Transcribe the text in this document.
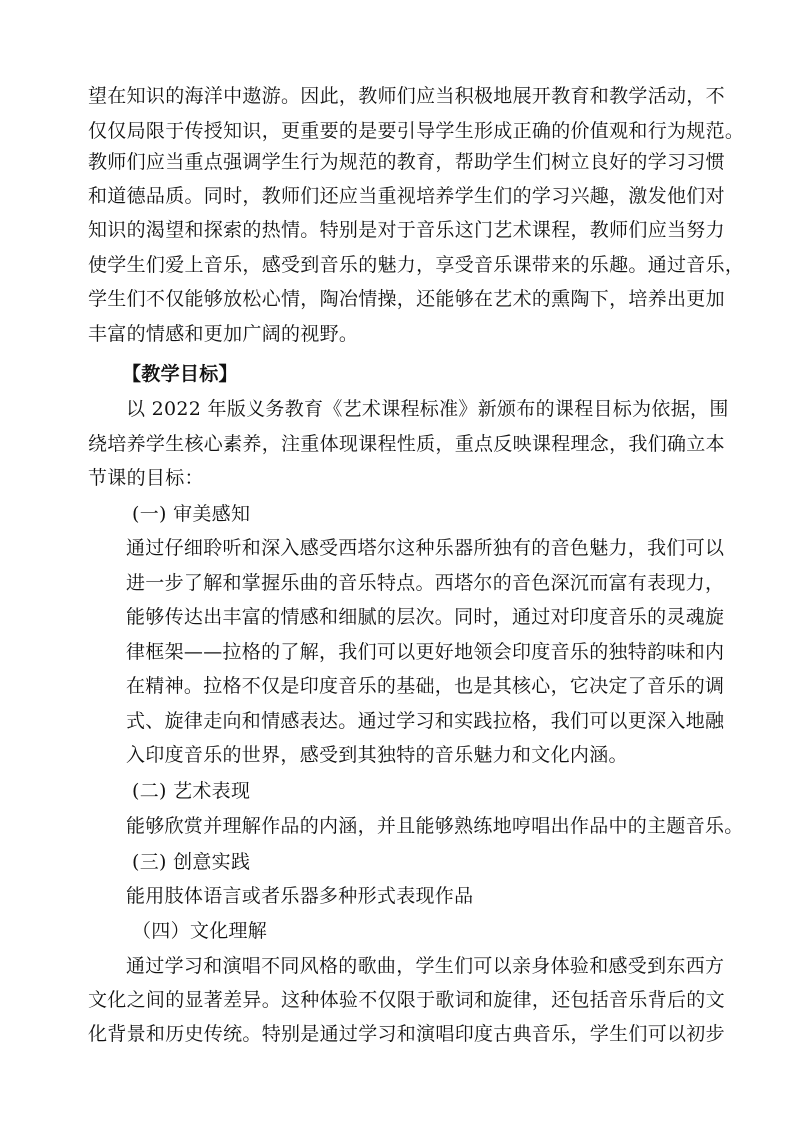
望在知识的海洋中遨游。因此，教师们应当积极地展开教育和教学活动，不
仅仅局限于传授知识，更重要的是要引导学生形成正确的价值观和行为规范。
教师们应当重点强调学生行为规范的教育，帮助学生们树立良好的学习习惯
和道德品质。同时，教师们还应当重视培养学生们的学习兴趣，激发他们对
知识的渴望和探索的热情。特别是对于音乐这门艺术课程，教师们应当努力
使学生们爱上音乐，感受到音乐的魅力，享受音乐课带来的乐趣。通过音乐，
学生们不仅能够放松心情，陶冶情操，还能够在艺术的熏陶下，培养出更加
丰富的情感和更加广阔的视野。
【教学目标】
以 2022 年版义务教育《艺术课程标准》新颁布的课程目标为依据，围
绕培养学生核心素养，注重体现课程性质，重点反映课程理念，我们确立本
节课的目标：
(一) 审美感知
通过仔细聆听和深入感受西塔尔这种乐器所独有的音色魅力，我们可以
进一步了解和掌握乐曲的音乐特点。西塔尔的音色深沉而富有表现力，
能够传达出丰富的情感和细腻的层次。同时，通过对印度音乐的灵魂旋
律框架——拉格的了解，我们可以更好地领会印度音乐的独特韵味和内
在精神。拉格不仅是印度音乐的基础，也是其核心，它决定了音乐的调
式、旋律走向和情感表达。通过学习和实践拉格，我们可以更深入地融
入印度音乐的世界，感受到其独特的音乐魅力和文化内涵。
(二) 艺术表现
能够欣赏并理解作品的内涵，并且能够熟练地哼唱出作品中的主题音乐。
(三) 创意实践
能用肢体语言或者乐器多种形式表现作品
（四）文化理解
通过学习和演唱不同风格的歌曲，学生们可以亲身体验和感受到东西方
文化之间的显著差异。这种体验不仅限于歌词和旋律，还包括音乐背后的文
化背景和历史传统。特别是通过学习和演唱印度古典音乐，学生们可以初步
